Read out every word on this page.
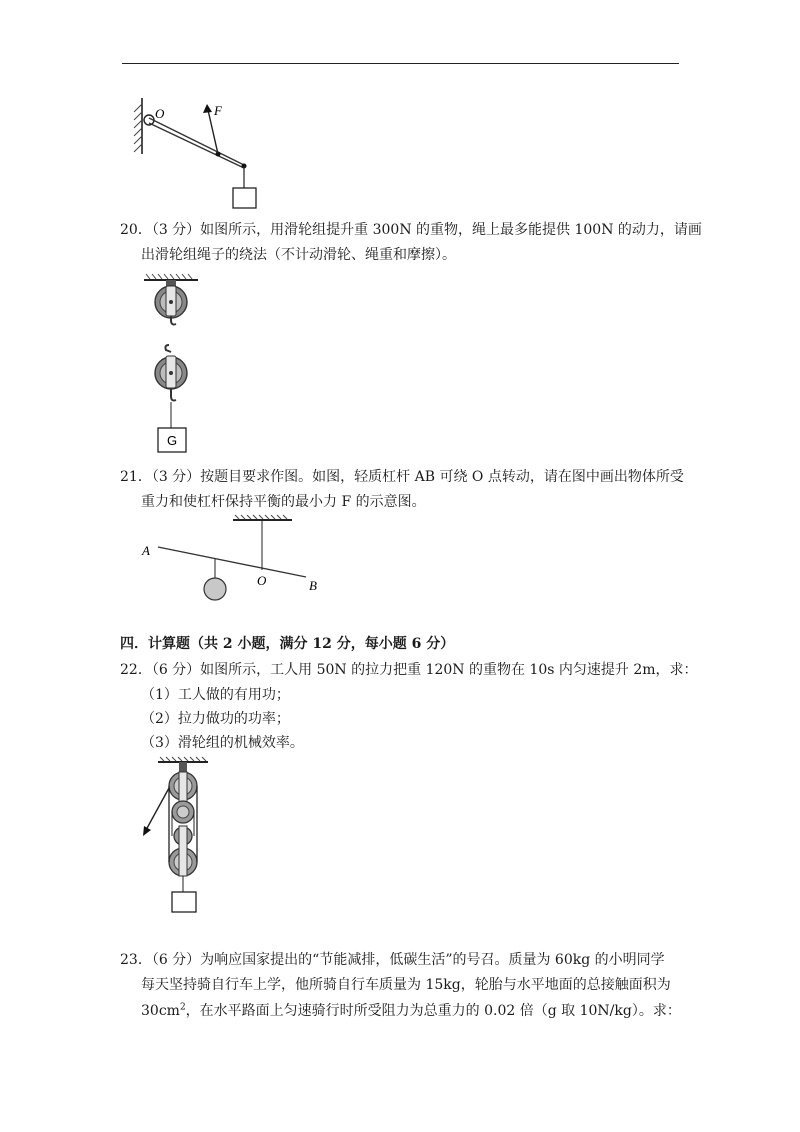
O	F
20．（3 分）如图所示，用滑轮组提升重 300N 的重物，绳上最多能提供 100N 的动力，请画
出滑轮组绳子的绕法（不计动滑轮、绳重和摩擦）。
G
21．（3 分）按题目要求作图。如图，轻质杠杆 AB 可绕 O 点转动，请在图中画出物体所受
重力和使杠杆保持平衡的最小力 F 的示意图。
A
O	B
四．计算题（共 2 小题，满分 12 分，每小题 6 分）
22．（6 分）如图所示，工人用 50N 的拉力把重 120N 的重物在 10s 内匀速提升 2m，求：
（1）工人做的有用功；
（2）拉力做功的功率；
（3）滑轮组的机械效率。
23．（6 分）为响应国家提出的“节能减排，低碳生活”的号召。质量为 60kg 的小明同学
每天坚持骑自行车上学，他所骑自行车质量为 15kg，轮胎与水平地面的总接触面积为
$30cm^2$，在水平路面上匀速骑行时所受阻力为总重力的 0.02 倍（g 取 10N/kg）。求：
